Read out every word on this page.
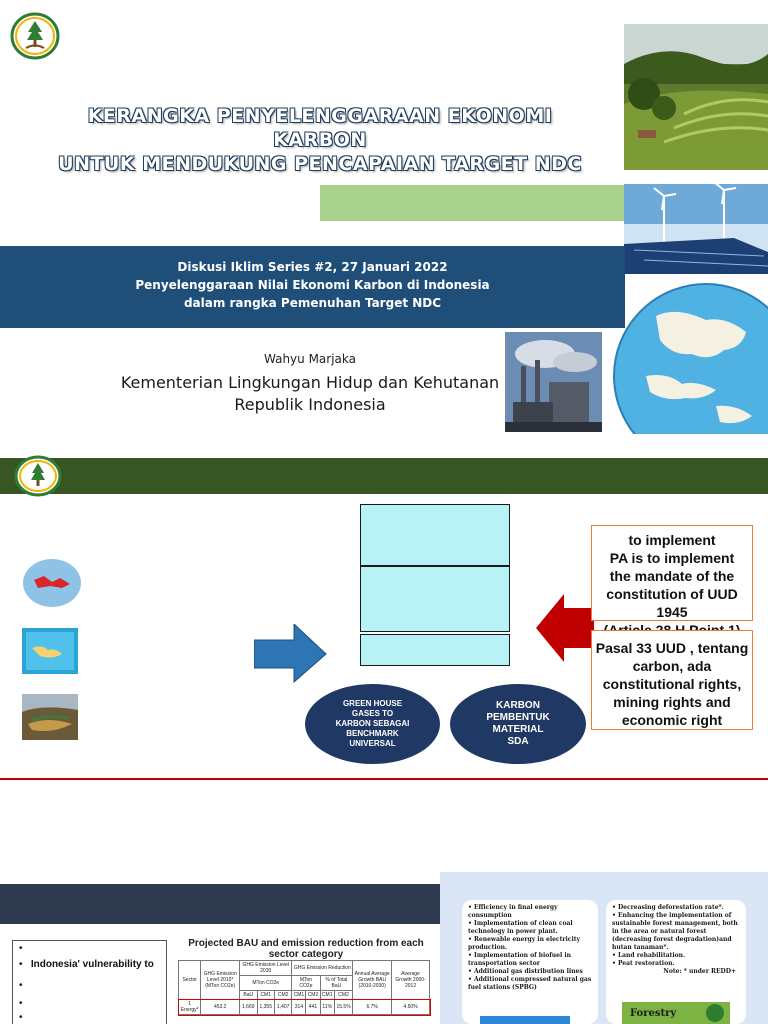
KERANGKA PENYELENGGARAAN EKONOMI KARBON
UNTUK MENDUKUNG PENCAPAIAN TARGET NDC
Diskusi Iklim Series #2, 27 Januari 2022
Penyelenggaraan Nilai Ekonomi Karbon di Indonesia
dalam rangka Pemenuhan Target NDC
Wahyu Marjaka
Kementerian Lingkungan Hidup dan Kehutanan
Republik Indonesia
to implement
PA is to implement
the mandate of the
constitution of UUD 1945
Pasal 33 UUD , tentang
carbon, ada
constitutional rights,
mining rights and
economic right
GREEN HOUSE
GASES TO
KARBON SEBAGAI
BENCHMARK
UNIVERSAL
KARBON
PEMBENTUK
MATERIAL
SDA
•
•   Indonesia' vulnerability to
•
•
•
Projected BAU and emission reduction from each sector category
Sector	GHG Emission Level 2010*
(MTon CO2e)	GHG Emission Level 2030			GHG Emission Reduction				Annual Average Growth BAU
(2010-2030)	Average Growth 2000-2012
		MTon CO2e			MTon CO2e		% of Total BaU			
		BaU	CM1	CM2	CM1	CM2	CM1	CM2		
1 Energy*	453.2	1,669	1,355	1,407	314	441	11%	15.5%	6.7%	4.50%
• Efficiency in final energy consumption
• Implementation of clean coal technology in power plant.
• Renewable energy in electricity production.
• Implementation of biofuel in transportation sector
• Additional gas distribution lines
• Additional compressed natural gas fuel stations (SPBG)
• Decreasing deforestation rate*.
• Enhancing the implementation of sustainable forest management, both in the area or natural forest (decreasing forest degradation)and hutan tanaman*.
• Land rehabilitation.
• Peat restoration.
Note: * under REDD+
Forestry
